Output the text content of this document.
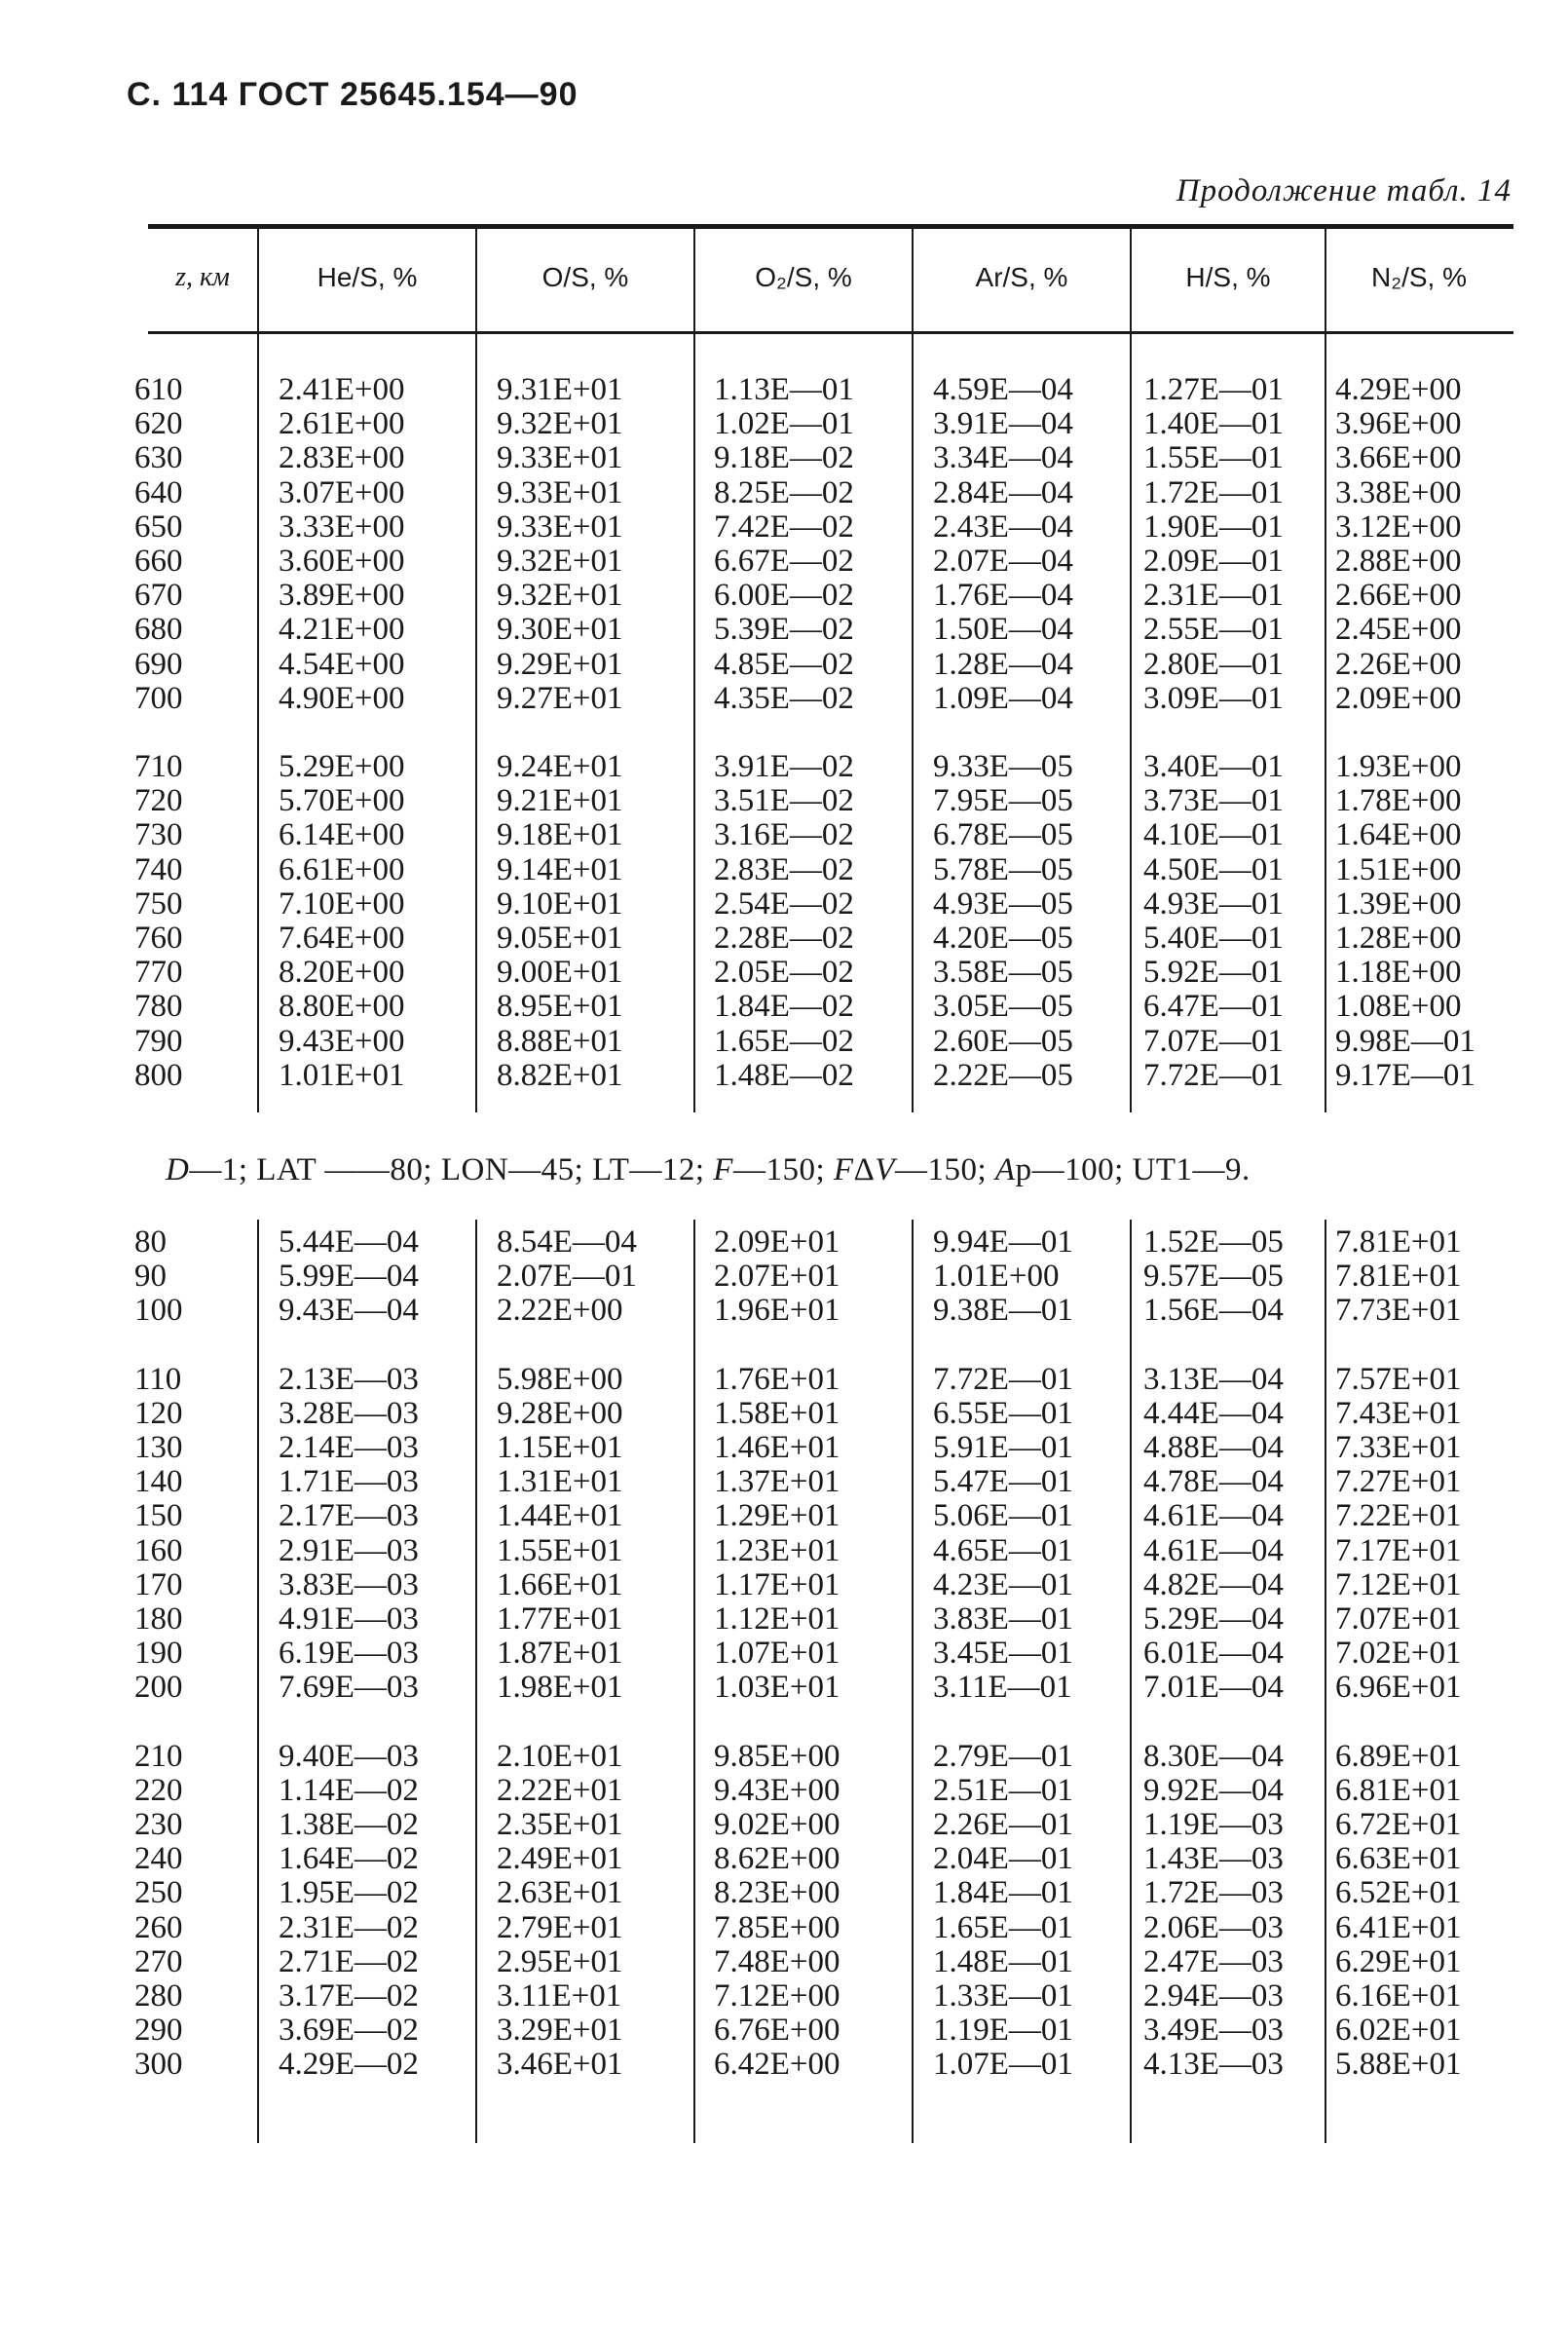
С. 114 ГОСТ 25645.154—90
Продолжение табл. 14
z, км	He/S, %	O/S, %	O₂/S, %	Ar/S, %	H/S, %	N₂/S, %
610	2.41E+00	9.31E+01	1.13E—01 4.59E—04 1.27E—01 4.29E+00
620	2.61E+00	9.32E+01	1.02E—01 3.91E—04 1.40E—01 3.96E+00
630	2.83E+00	9.33E+01	9.18E—02 3.34E—04 1.55E—01 3.66E+00
640	3.07E+00	9.33E+01	8.25E—02 2.84E—04 1.72E—01 3.38E+00
650	3.33E+00	9.33E+01	7.42E—02 2.43E—04 1.90E—01 3.12E+00
660	3.60E+00	9.32E+01	6.67E—02 2.07E—04 2.09E—01 2.88E+00
670	3.89E+00	9.32E+01	6.00E—02 1.76E—04 2.31E—01 2.66E+00
680	4.21E+00	9.30E+01	5.39E—02 1.50E—04 2.55E—01 2.45E+00
690	4.54E+00	9.29E+01	4.85E—02 1.28E—04 2.80E—01 2.26E+00
700	4.90E+00	9.27E+01	4.35E—02 1.09E—04 3.09E—01 2.09E+00
710	5.29E+00	9.24E+01	3.91E—02 9.33E—05 3.40E—01 1.93E+00
720	5.70E+00	9.21E+01	3.51E—02 7.95E—05 3.73E—01 1.78E+00
730	6.14E+00	9.18E+01	3.16E—02 6.78E—05 4.10E—01 1.64E+00
740	6.61E+00	9.14E+01	2.83E—02 5.78E—05 4.50E—01 1.51E+00
750	7.10E+00	9.10E+01	2.54E—02 4.93E—05 4.93E—01 1.39E+00
760	7.64E+00	9.05E+01	2.28E—02 4.20E—05 5.40E—01 1.28E+00
770	8.20E+00	9.00E+01	2.05E—02 3.58E—05 5.92E—01 1.18E+00
780	8.80E+00	8.95E+01	1.84E—02 3.05E—05 6.47E—01 1.08E+00
790	9.43E+00	8.88E+01	1.65E—02 2.60E—05 7.07E—01 9.98E—01
800	1.01E+01	8.82E+01	1.48E—02 2.22E—05 7.72E—01 9.17E—01
D—1; LAT ——80; LON—45; LT—12; F—150; FΔV—150; Ap—100; UT1—9.
80	5.44E—04 8.54E—04 2.09E+01	9.94E—01 1.52E—05 7.81E+01
90	5.99E—04 2.07E—01 2.07E+01	1.01E+00	9.57E—05 7.81E+01
100	9.43E—04 2.22E+00	1.96E+01	9.38E—01 1.56E—04 7.73E+01
110	2.13E—03 5.98E+00	1.76E+01	7.72E—01 3.13E—04 7.57E+01
120	3.28E—03 9.28E+00	1.58E+01	6.55E—01 4.44E—04 7.43E+01
130	2.14E—03 1.15E+01	1.46E+01	5.91E—01 4.88E—04 7.33E+01
140	1.71E—03 1.31E+01	1.37E+01	5.47E—01 4.78E—04 7.27E+01
150	2.17E—03 1.44E+01	1.29E+01	5.06E—01 4.61E—04 7.22E+01
160	2.91E—03 1.55E+01	1.23E+01	4.65E—01 4.61E—04 7.17E+01
170	3.83E—03 1.66E+01	1.17E+01	4.23E—01 4.82E—04 7.12E+01
180	4.91E—03 1.77E+01	1.12E+01	3.83E—01 5.29E—04 7.07E+01
190	6.19E—03 1.87E+01	1.07E+01	3.45E—01 6.01E—04 7.02E+01
200	7.69E—03 1.98E+01	1.03E+01	3.11E—01 7.01E—04 6.96E+01
210	9.40E—03 2.10E+01	9.85E+00	2.79E—01 8.30E—04 6.89E+01
220	1.14E—02 2.22E+01	9.43E+00	2.51E—01 9.92E—04 6.81E+01
230	1.38E—02 2.35E+01	9.02E+00	2.26E—01 1.19E—03 6.72E+01
240	1.64E—02 2.49E+01	8.62E+00	2.04E—01 1.43E—03 6.63E+01
250	1.95E—02 2.63E+01	8.23E+00	1.84E—01 1.72E—03 6.52E+01
260	2.31E—02 2.79E+01	7.85E+00	1.65E—01 2.06E—03 6.41E+01
270	2.71E—02 2.95E+01	7.48E+00	1.48E—01 2.47E—03 6.29E+01
280	3.17E—02 3.11E+01	7.12E+00	1.33E—01 2.94E—03 6.16E+01
290	3.69E—02 3.29E+01	6.76E+00	1.19E—01 3.49E—03 6.02E+01
300	4.29E—02 3.46E+01	6.42E+00	1.07E—01 4.13E—03 5.88E+01
